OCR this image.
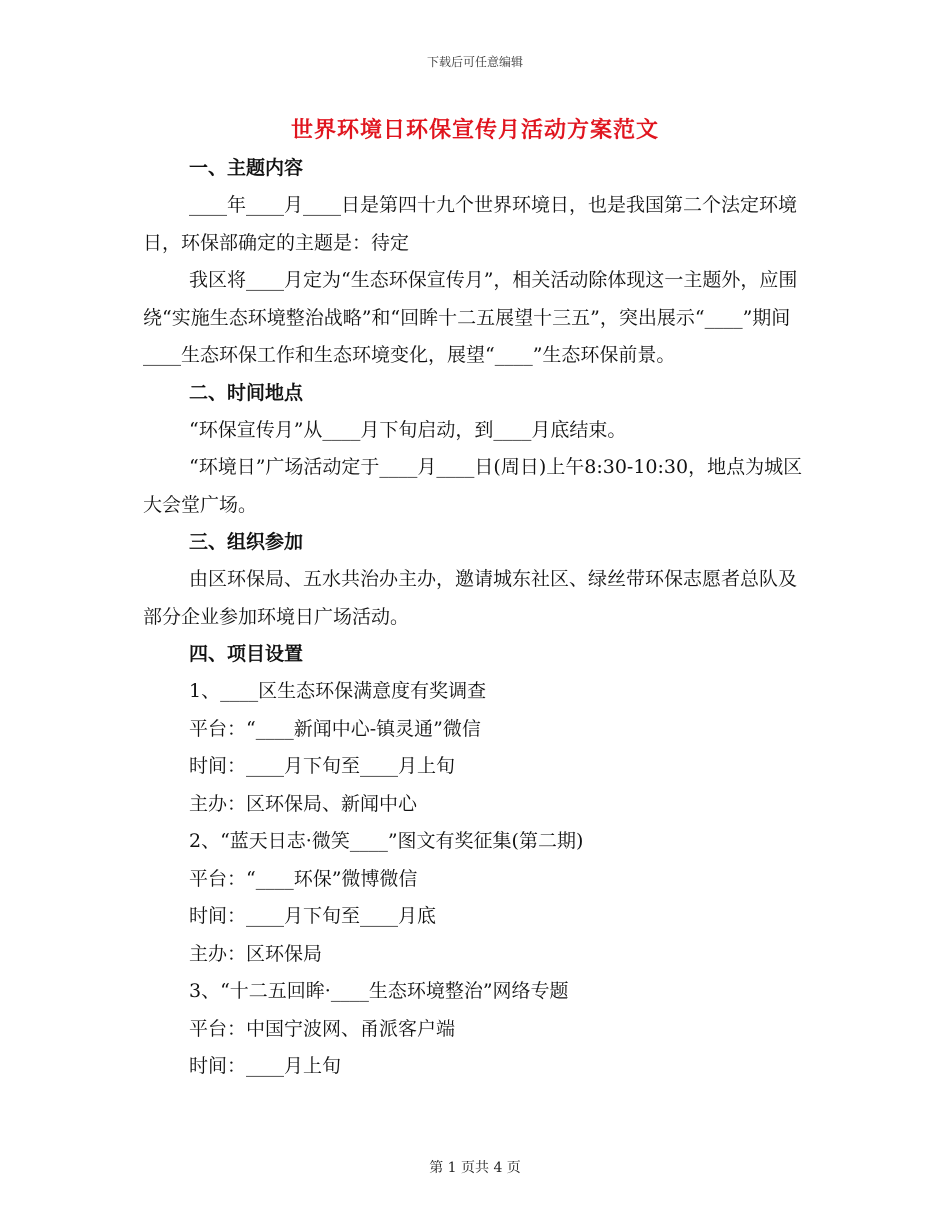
下载后可任意编辑
世界环境日环保宣传月活动方案范文
一、主题内容

____年____月____日是第四十九个世界环境日，也是我国第二个法定环境日，环保部确定的主题是：待定

我区将____月定为“生态环保宣传月”，相关活动除体现这一主题外，应围绕“实施生态环境整治战略”和“回眸十二五展望十三五”，突出展示“____”期间____生态环保工作和生态环境变化，展望“____”生态环保前景。

二、时间地点

“环保宣传月”从____月下旬启动，到____月底结束。

“环境日”广场活动定于____月____日(周日)上午8:30-10:30，地点为城区大会堂广场。

三、组织参加

由区环保局、五水共治办主办，邀请城东社区、绿丝带环保志愿者总队及部分企业参加环境日广场活动。

四、项目设置
1、____区生态环保满意度有奖调查
平台：“____新闻中心-镇灵通”微信
时间：____月下旬至____月上旬
主办：区环保局、新闻中心
2、“蓝天日志·微笑____”图文有奖征集(第二期)
平台：“____环保”微博微信
时间：____月下旬至____月底
主办：区环保局
3、“十二五回眸·____生态环境整治”网络专题
平台：中国宁波网、甬派客户端
时间：____月上旬
第 1 页共 4 页
